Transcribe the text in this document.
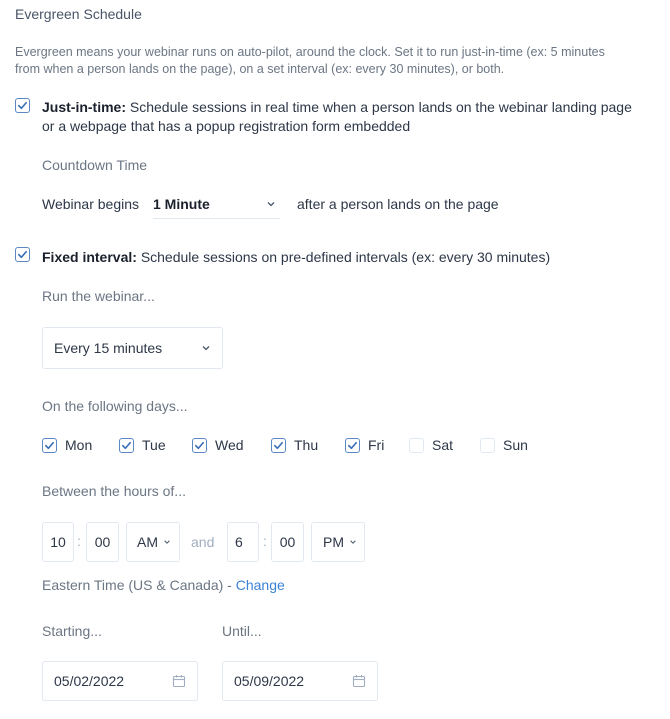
Evergreen Schedule
Evergreen means your webinar runs on auto-pilot, around the clock. Set it to run just-in-time (ex: 5 minutes from when a person lands on the page), on a set interval (ex: every 30 minutes), or both.
Just-in-time: Schedule sessions in real time when a person lands on the webinar landing page or a webpage that has a popup registration form embedded
Countdown Time
Webinar begins 1 Minute	after a person lands on the page
Fixed interval: Schedule sessions on pre-defined intervals (ex: every 30 minutes)
Run the webinar...
Every 15 minutes
On the following days...
Mon	Tue	Wed	Thu	Fri	Sat	Sun
Between the hours of...
10 : 00	AM and	6	: 00	PM
Eastern Time (US & Canada) - Change
Starting...	Until...
05/02/2022	05/09/2022
